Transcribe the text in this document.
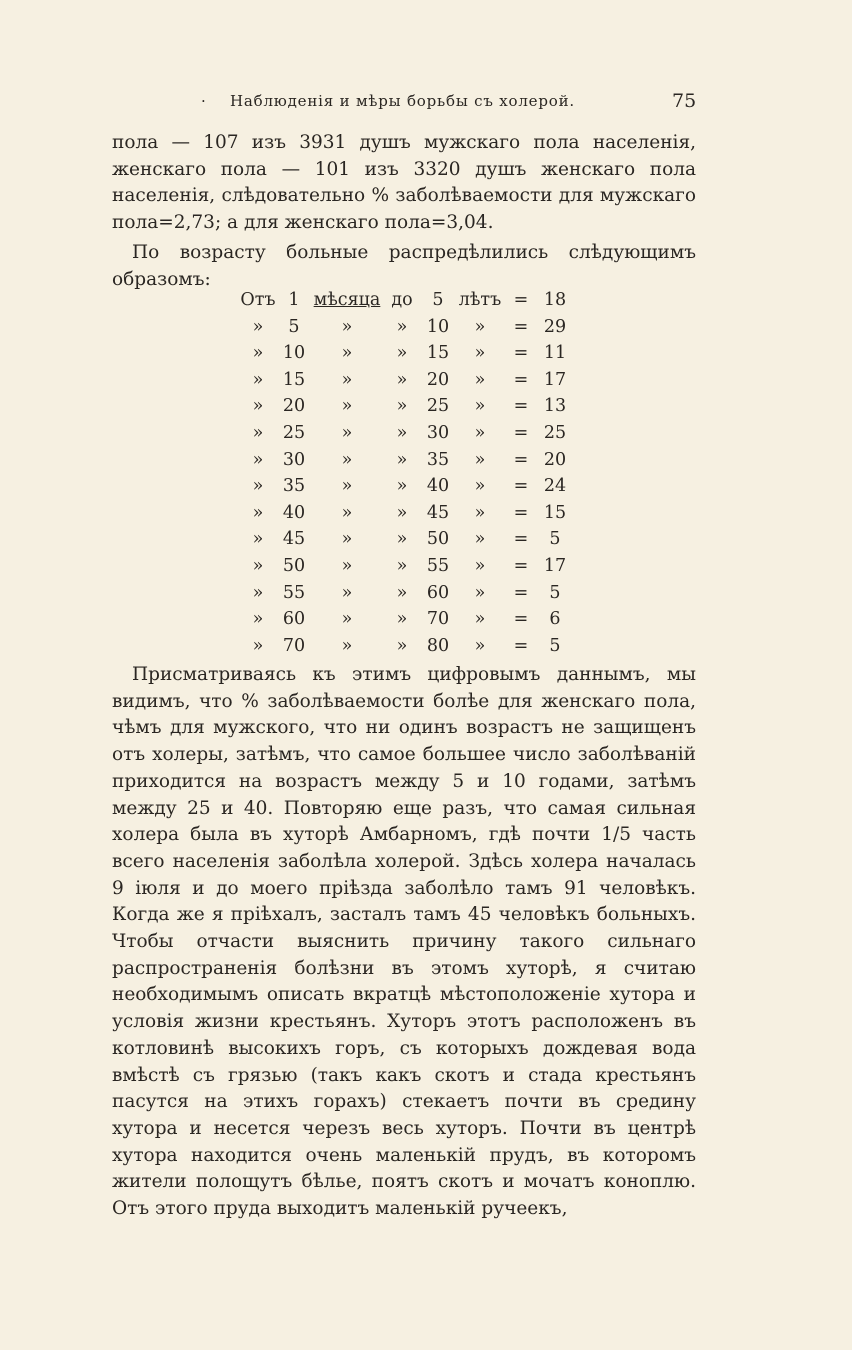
· Наблюденія и мѣры борьбы съ холерой.	75

пола — 107 изъ 3931 душъ мужскаго пола населенія, женскаго пола — 101 изъ 3320 душъ женскаго пола населенія, слѣдовательно % заболѣваемости для мужскаго пола=2,73; а для женскаго пола=3,04.

По возрасту больные распредѣлились слѣдующимъ образомъ:

Отъ 1 мѣсяца до	5 лѣтъ = 18
»	5	»	»	10	»	= 29
»	10	»	»	15	»	= 11
»	15	»	»	20	»	= 17
»	20	»	»	25	»	= 13
»	25	»	»	30	»	= 25
»	30	»	»	35	»	= 20
»	35	»	»	40	»	= 24
»	40	»	»	45	»	= 15
»	45	»	»	50	»	=	5
»	50	»	»	55	»	= 17
»	55	»	»	60	»	=	5
»	60	»	»	70	»	=	6
»	70	»	»	80	»	=	5

Присматриваясь къ этимъ цифровымъ даннымъ, мы видимъ, что % заболѣваемости болѣе для женскаго пола, чѣмъ для мужского, что ни одинъ возрастъ не защищенъ отъ холеры, затѣмъ, что самое большее число заболѣваній приходится на возрастъ между 5 и 10 годами, затѣмъ между 25 и 40. Повторяю еще разъ, что самая сильная холера была въ хуторѣ Амбарномъ, гдѣ почти 1/5 часть всего населенія заболѣла холерой. Здѣсь холера началась 9 іюля и до моего пріѣзда заболѣло тамъ 91 человѣкъ. Когда же я пріѣхалъ, засталъ тамъ 45 человѣкъ больныхъ. Чтобы отчасти выяснить причину такого сильнаго распространенія болѣзни въ этомъ хуторѣ, я считаю необходимымъ описать вкратцѣ мѣстоположеніе хутора и условія жизни крестьянъ. Хуторъ этотъ расположенъ въ котловинѣ высокихъ горъ, съ которыхъ дождевая вода вмѣстѣ съ грязью (такъ какъ скотъ и стада крестьянъ пасутся на этихъ горахъ) стекаетъ почти въ средину хутора и несется черезъ весь хуторъ. Почти въ центрѣ хутора находится очень маленькій прудъ, въ которомъ жители полощутъ бѣлье, поятъ скотъ и мочатъ коноплю. Отъ этого пруда выходитъ маленькій ручеекъ,
